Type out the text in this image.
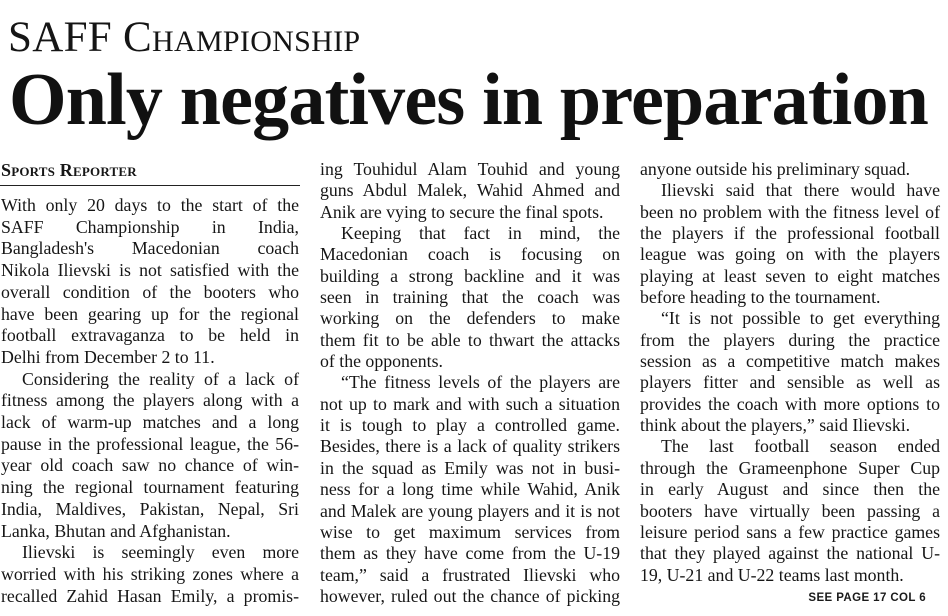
SAFF Championship
Only negatives in preparation
Sports Reporter
With only 20 days to the start of the
SAFF Championship in India,
Bangladesh's Macedonian coach
Nikola Ilievski is not satisfied with the
overall condition of the booters who
have been gearing up for the regional
football extravaganza to be held in
Delhi from December 2 to 11.
Considering the reality of a lack of
fitness among the players along with a
lack of warm-up matches and a long
pause in the professional league, the 56-
year old coach saw no chance of win-
ning the regional tournament featuring
India, Maldives, Pakistan, Nepal, Sri
Lanka, Bhutan and Afghanistan.
Ilievski is seemingly even more
worried with his striking zones where a
recalled Zahid Hasan Emily, a promis-
ing Touhidul Alam Touhid and young
guns Abdul Malek, Wahid Ahmed and
Anik are vying to secure the final spots.
Keeping that fact in mind, the
Macedonian coach is focusing on
building a strong backline and it was
seen in training that the coach was
working on the defenders to make
them fit to be able to thwart the attacks
of the opponents.
“The fitness levels of the players are
not up to mark and with such a situation
it is tough to play a controlled game.
Besides, there is a lack of quality strikers
in the squad as Emily was not in busi-
ness for a long time while Wahid, Anik
and Malek are young players and it is not
wise to get maximum services from
them as they have come from the U-19
team,” said a frustrated Ilievski who
however, ruled out the chance of picking
anyone outside his preliminary squad.
Ilievski said that there would have
been no problem with the fitness level of
the players if the professional football
league was going on with the players
playing at least seven to eight matches
before heading to the tournament.
“It is not possible to get everything
from the players during the practice
session as a competitive match makes
players fitter and sensible as well as
provides the coach with more options to
think about the players,” said Ilievski.
The last football season ended
through the Grameenphone Super Cup
in early August and since then the
booters have virtually been passing a
leisure period sans a few practice games
that they played against the national U-
19, U-21 and U-22 teams last month.
SEE PAGE 17 COL 6
